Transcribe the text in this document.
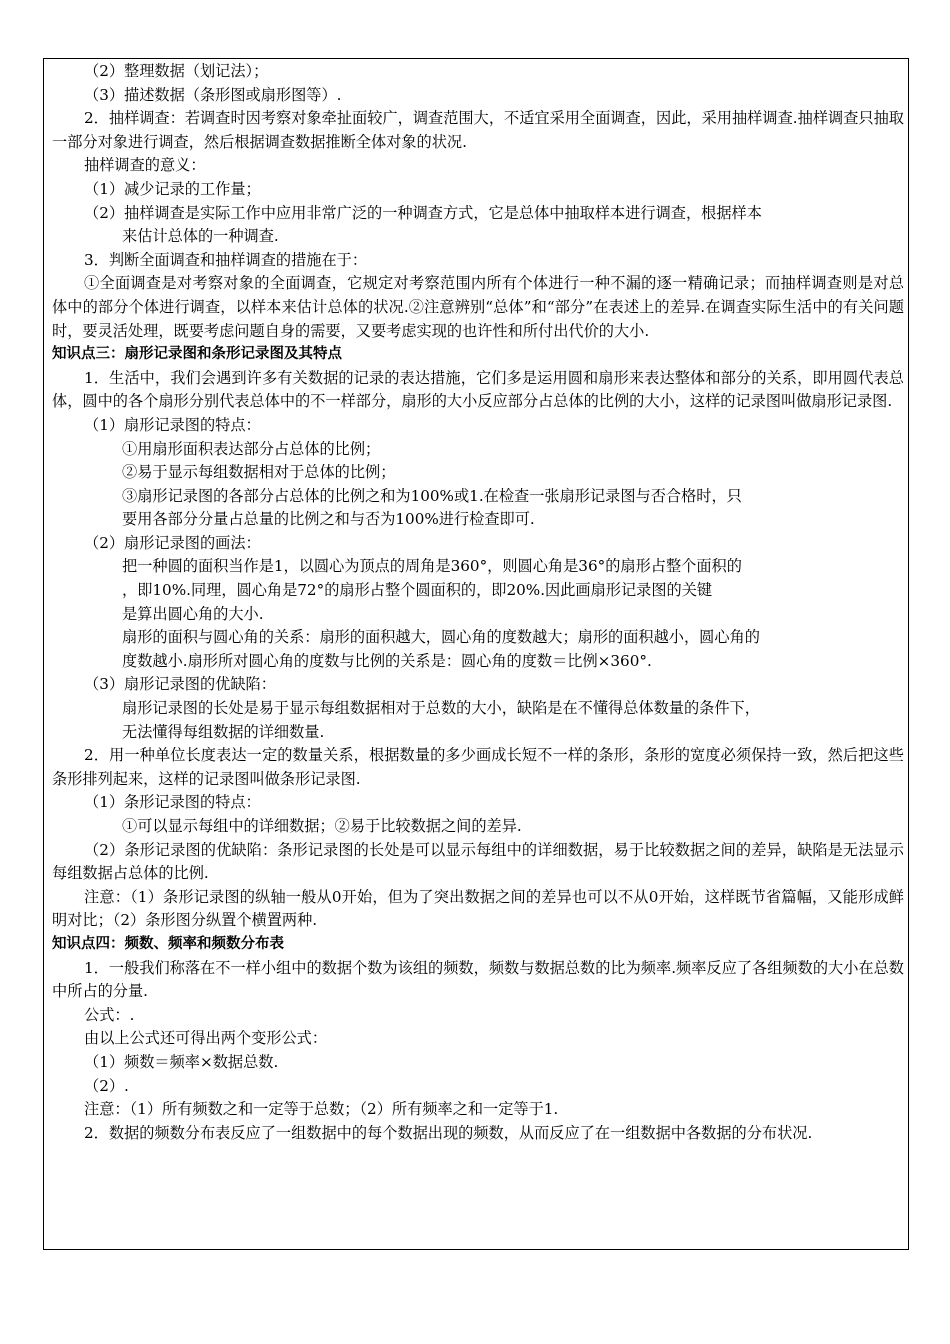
（2）整理数据（划记法）；

（3）描述数据（条形图或扇形图等）.

2．抽样调查：若调查时因考察对象牵扯面较广，调查范围大，不适宜采用全面调查，因此，采用抽样调查.抽样调查只抽取一部分对象进行调查，然后根据调查数据推断全体对象的状况.

抽样调查的意义：

（1）减少记录的工作量；

（2）抽样调查是实际工作中应用非常广泛的一种调查方式，它是总体中抽取样本进行调查，根据样本

来估计总体的一种调查.

3．判断全面调查和抽样调查的措施在于：

①全面调查是对考察对象的全面调查，它规定对考察范围内所有个体进行一种不漏的逐一精确记录；而抽样调查则是对总体中的部分个体进行调查，以样本来估计总体的状况.②注意辨别“总体”和“部分”在表述上的差异.在调查实际生活中的有关问题时，要灵活处理，既要考虑问题自身的需要，又要考虑实现的也许性和所付出代价的大小.

知识点三：扇形记录图和条形记录图及其特点

1．生活中，我们会遇到许多有关数据的记录的表达措施，它们多是运用圆和扇形来表达整体和部分的关系，即用圆代表总体，圆中的各个扇形分别代表总体中的不一样部分，扇形的大小反应部分占总体的比例的大小，这样的记录图叫做扇形记录图.

（1）扇形记录图的特点：

①用扇形面积表达部分占总体的比例；

②易于显示每组数据相对于总体的比例；

③扇形记录图的各部分占总体的比例之和为100%或1.在检查一张扇形记录图与否合格时，只

要用各部分分量占总量的比例之和与否为100%进行检查即可.

（2）扇形记录图的画法：

把一种圆的面积当作是1，以圆心为顶点的周角是360°，则圆心角是36°的扇形占整个面积的

，即10%.同理，圆心角是72°的扇形占整个圆面积的，即20%.因此画扇形记录图的关键

是算出圆心角的大小.

扇形的面积与圆心角的关系：扇形的面积越大，圆心角的度数越大；扇形的面积越小，圆心角的

度数越小.扇形所对圆心角的度数与比例的关系是：圆心角的度数＝比例×360°.

（3）扇形记录图的优缺陷：

扇形记录图的长处是易于显示每组数据相对于总数的大小，缺陷是在不懂得总体数量的条件下，

无法懂得每组数据的详细数量.

2．用一种单位长度表达一定的数量关系，根据数量的多少画成长短不一样的条形，条形的宽度必须保持一致，然后把这些条形排列起来，这样的记录图叫做条形记录图.

（1）条形记录图的特点：

①可以显示每组中的详细数据；②易于比较数据之间的差异.

（2）条形记录图的优缺陷：条形记录图的长处是可以显示每组中的详细数据，易于比较数据之间的差异，缺陷是无法显示每组数据占总体的比例.

注意：（1）条形记录图的纵轴一般从0开始，但为了突出数据之间的差异也可以不从0开始，这样既节省篇幅，又能形成鲜明对比；（2）条形图分纵置个横置两种.

知识点四：频数、频率和频数分布表

1．一般我们称落在不一样小组中的数据个数为该组的频数，频数与数据总数的比为频率.频率反应了各组频数的大小在总数中所占的分量.

公式：.

由以上公式还可得出两个变形公式：

（1）频数＝频率×数据总数.

（2）.

注意：（1）所有频数之和一定等于总数；（2）所有频率之和一定等于1.

2．数据的频数分布表反应了一组数据中的每个数据出现的频数，从而反应了在一组数据中各数据的分布状况.
